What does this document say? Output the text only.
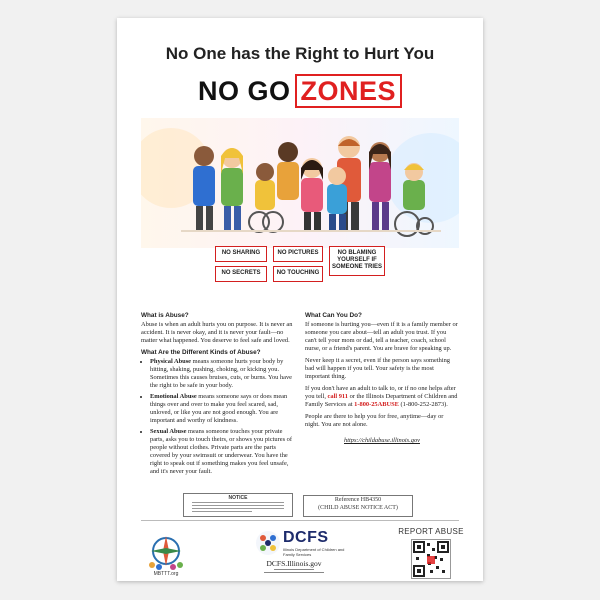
No One has the Right to Hurt You
NO GO ZONES
NO SHARING	NO PICTURES	NO BLAMING YOURSELF IF SOMEONE TRIES
NO SECRETS	NO TOUCHING
What is Abuse?

Abuse is when an adult hurts you on purpose. It is never an accident. It is never okay, and it is never your fault—no matter what happened. You deserve to feel safe and loved.

What Are the Different Kinds of Abuse?
• Physical Abuse means someone hurts your body by hitting, shaking, pushing, choking, or kicking you. Sometimes this causes bruises, cuts, or burns. You have the right to be safe in your body.
• Emotional Abuse means someone says or does mean things over and over to make you feel scared, sad, unloved, or like you are not good enough. You are important and worthy of kindness.
• Sexual Abuse means someone touches your private parts, asks you to touch theirs, or shows you pictures of people without clothes. Private parts are the parts covered by your swimsuit or underwear. You have the right to speak out if something makes you feel unsafe, and it's never your fault.
What Can You Do?

If someone is hurting you—even if it is a family member or someone you care about—tell an adult you trust. If you can't tell your mom or dad, tell a teacher, coach, school nurse, or a friend's parent. You are brave for speaking up.

Never keep it a secret, even if the person says something bad will happen if you tell. Your safety is the most important thing.

If you don't have an adult to talk to, or if no one helps after you tell, call 911 or the Illinois Department of Children and Family Services at 1-800-25ABUSE (1-800-252-2873).

People are there to help you for free, anytime—day or night. You are not alone.

https://childabuse.illinois.gov
NOTICE	Reference HB4350
(CHILD ABUSE NOTICE ACT)
MBTTT.org
DCFS
Illinois Department of Children and Family Services
DCFS.Illinois.gov
REPORT ABUSE
